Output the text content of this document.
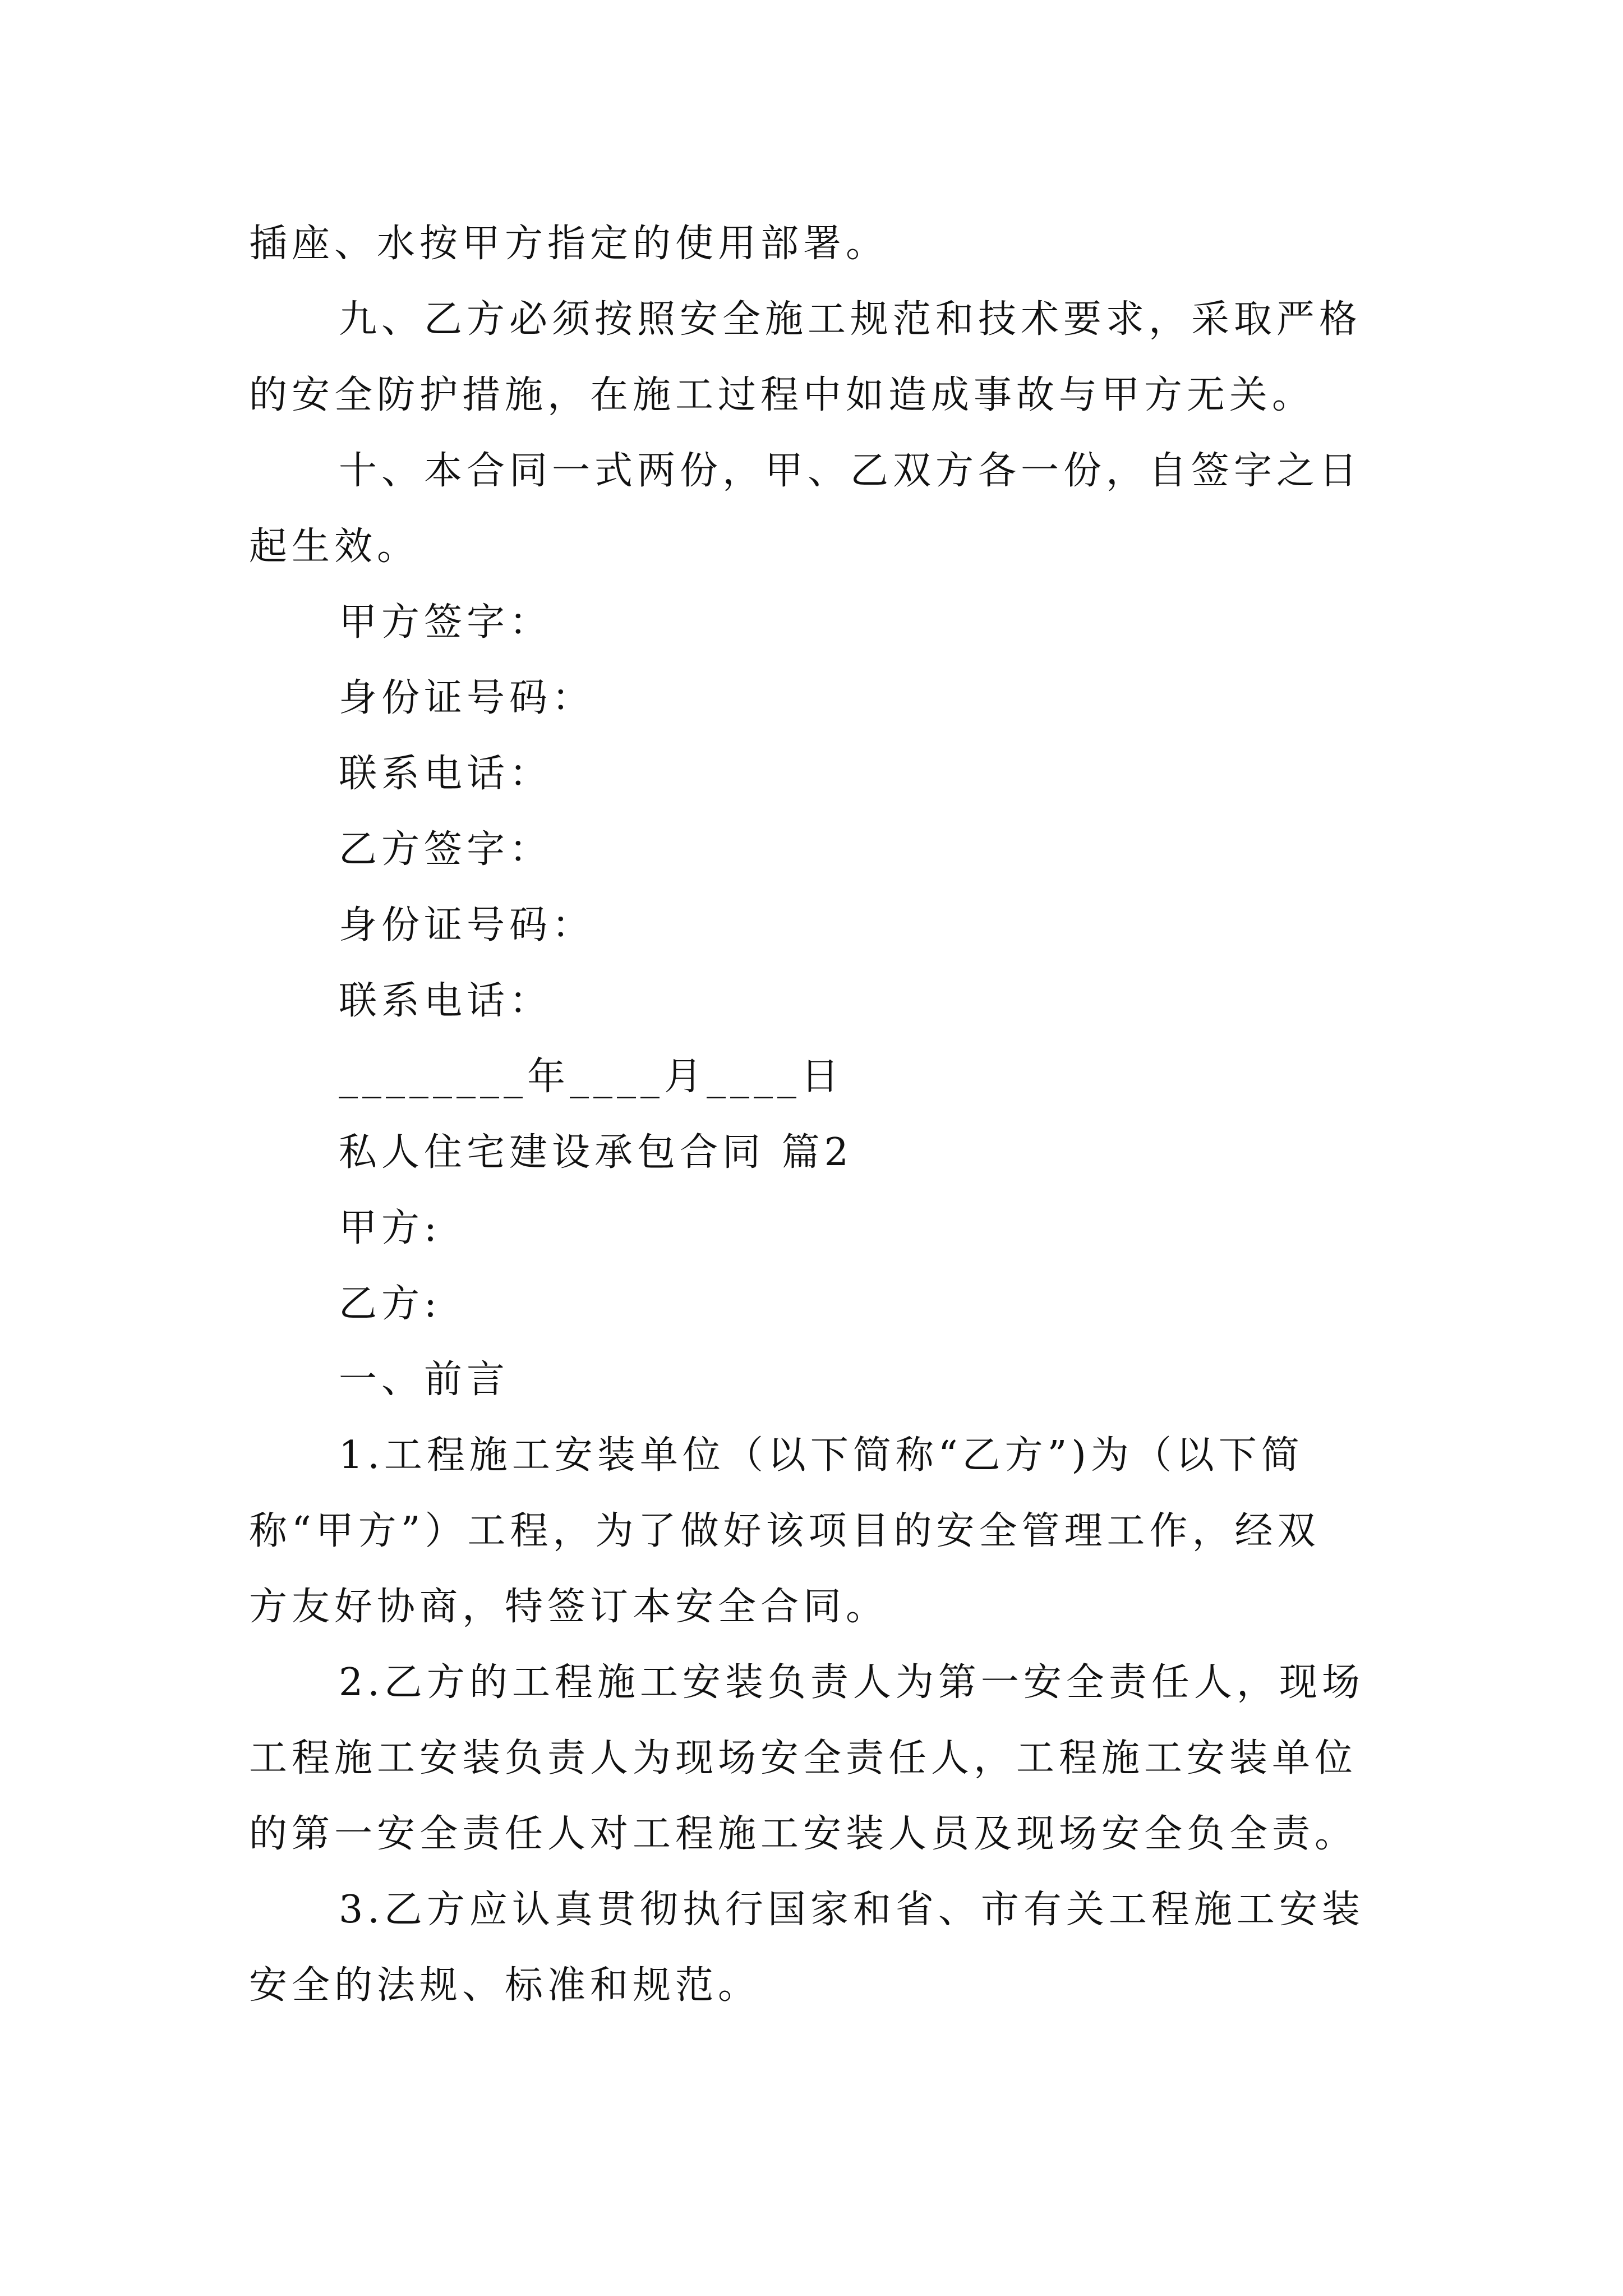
插座、水按甲方指定的使用部署。
九、乙方必须按照安全施工规范和技术要求，采取严格
的安全防护措施，在施工过程中如造成事故与甲方无关。
十、本合同一式两份，甲、乙双方各一份，自签字之日
起生效。
甲方签字：
身份证号码：
联系电话：
乙方签字：
身份证号码：
联系电话：
________年____月____日
私人住宅建设承包合同 篇2
甲方:
乙方:
一、前言
1.工程施工安装单位（以下简称“乙方”)为（以下简
称“甲方”）工程，为了做好该项目的安全管理工作，经双
方友好协商，特签订本安全合同。
2.乙方的工程施工安装负责人为第一安全责任人，现场
工程施工安装负责人为现场安全责任人，工程施工安装单位
的第一安全责任人对工程施工安装人员及现场安全负全责。
3.乙方应认真贯彻执行国家和省、市有关工程施工安装
安全的法规、标准和规范。
